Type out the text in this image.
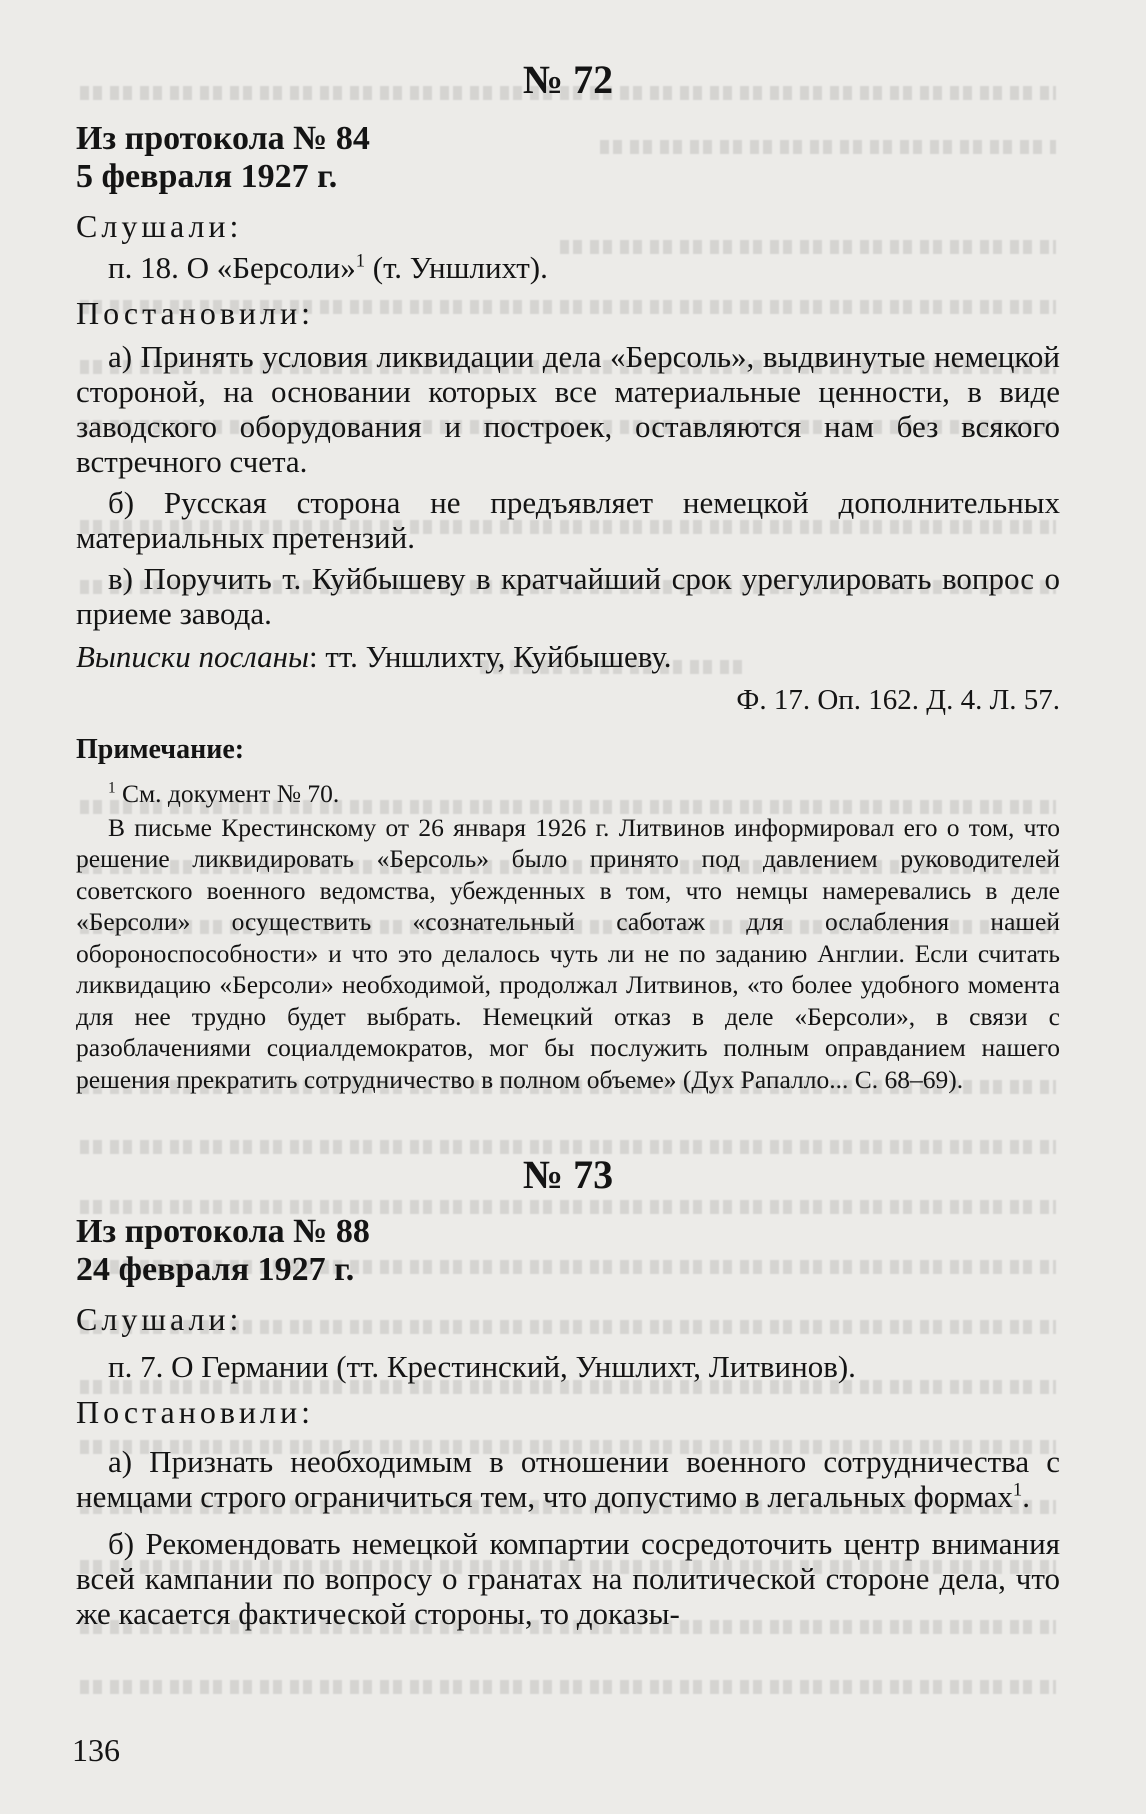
№ 72

Из протокола № 84

5 февраля 1927 г.

Слушали:

п. 18. О «Берсоли»$^1$ (т. Уншлихт).

Постановили:

а) Принять условия ликвидации дела «Берсоль», выдвинутые немецкой стороной, на основании которых все материальные ценности, в виде заводского оборудования и построек, оставляются нам без всякого встречного счета.

б) Русская сторона не предъявляет немецкой дополнительных материальных претензий.

в) Поручить т. Куйбышеву в кратчайший срок урегулировать вопрос о приеме завода.

Выписки посланы: тт. Уншлихту, Куйбышеву.

Ф. 17. Оп. 162. Д. 4. Л. 57.

Примечание:

$^1$ См. документ № 70.

В письме Крестинскому от 26 января 1926 г. Литвинов информировал его о том, что решение ликвидировать «Берсоль» было принято под давлением руководителей советского военного ведомства, убежденных в том, что немцы намеревались в деле «Берсоли» осуществить «сознательный саботаж для ослабления нашей обороноспособности» и что это делалось чуть ли не по заданию Англии. Если считать ликвидацию «Берсоли» необходимой, продолжал Литвинов, «то более удобного момента для нее трудно будет выбрать. Немецкий отказ в деле «Берсоли», в связи с разоблачениями социалдемократов, мог бы послужить полным оправданием нашего решения прекратить сотрудничество в полном объеме» (Дух Рапалло... С. 68–69).

№ 73

Из протокола № 88

24 февраля 1927 г.

Слушали:

п. 7. О Германии (тт. Крестинский, Уншлихт, Литвинов).

Постановили:

а) Признать необходимым в отношении военного сотрудничества с немцами строго ограничиться тем, что допустимо в легальных формах$^1$.

б) Рекомендовать немецкой компартии сосредоточить центр внимания всей кампании по вопросу о гранатах на политической стороне дела, что же касается фактической стороны, то доказы-

136
